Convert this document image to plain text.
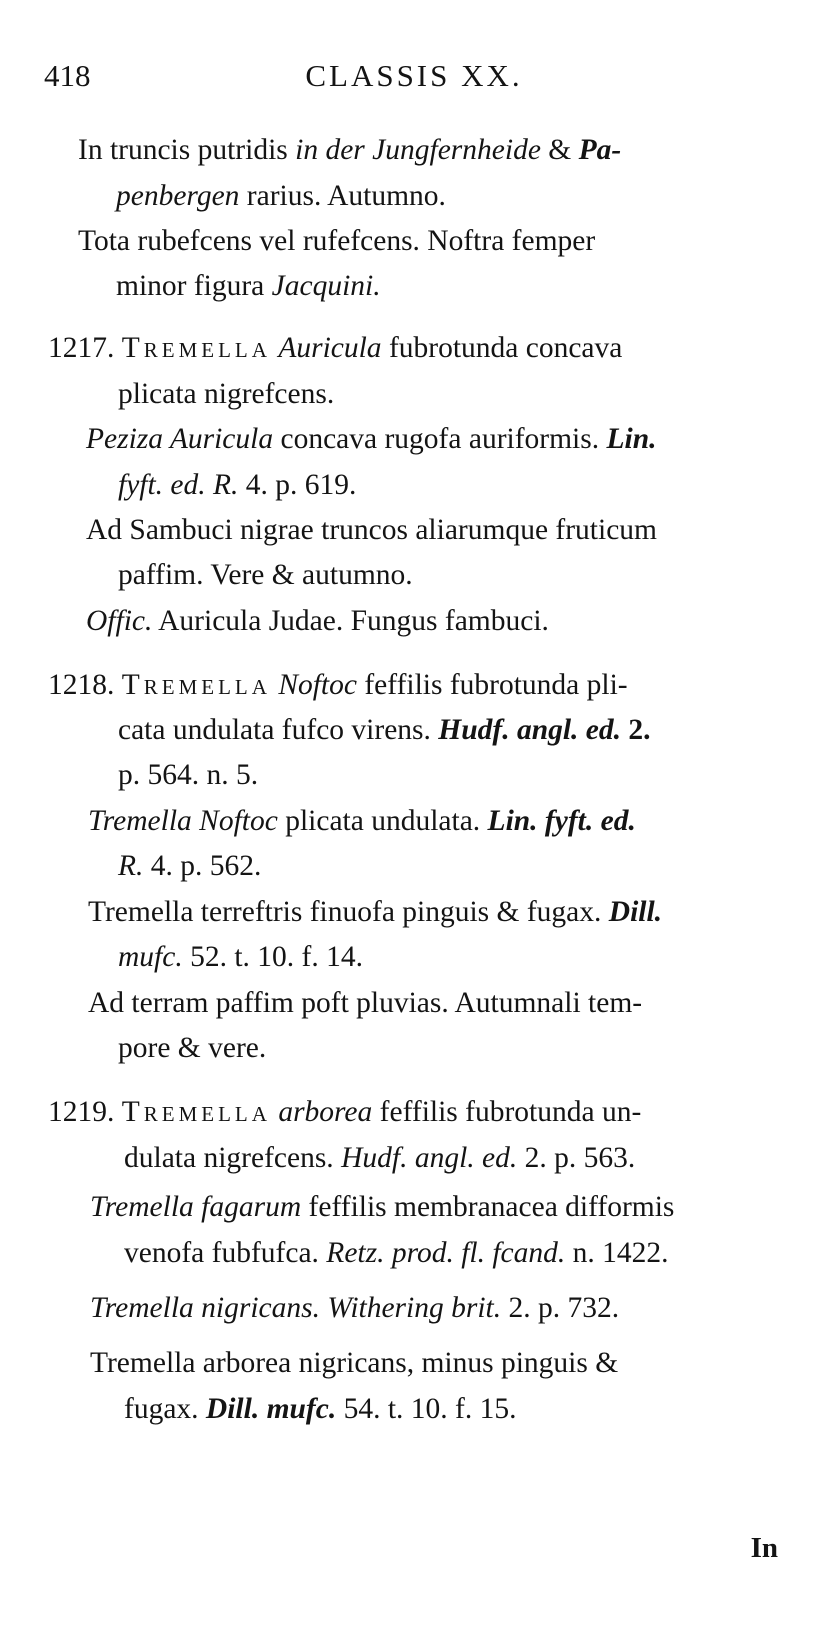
418	CLASSIS XX.
In truncis putridis in der Jungfernheide & Pa-
penbergen rarius. Autumno.
Tota rubefcens vel rufefcens. Noftra femper
minor figura Jacquini.
1217. Tremella Auricula fubrotunda concava
plicata nigrefcens.
Peziza Auricula concava rugofa auriformis. Lin.
fyft. ed. R. 4. p. 619.
Ad Sambuci nigrae truncos aliarumque fruticum
paffim. Vere & autumno.
Offic. Auricula Judae. Fungus fambuci.
1218. Tremella Noftoc feffilis fubrotunda pli-
cata undulata fufco virens. Hudf. angl. ed. 2.
p. 564. n. 5.
Tremella Noftoc plicata undulata. Lin. fyft. ed.
R. 4. p. 562.
Tremella terreftris finuofa pinguis & fugax. Dill.
mufc. 52. t. 10. f. 14.
Ad terram paffim poft pluvias. Autumnali tem-
pore & vere.
1219. Tremella arborea feffilis fubrotunda un-
dulata nigrefcens. Hudf. angl. ed. 2. p. 563.
Tremella fagarum feffilis membranacea difformis
venofa fubfufca. Retz. prod. fl. fcand. n. 1422.
Tremella nigricans. Withering brit. 2. p. 732.
Tremella arborea nigricans, minus pinguis &
fugax. Dill. mufc. 54. t. 10. f. 15.
In
